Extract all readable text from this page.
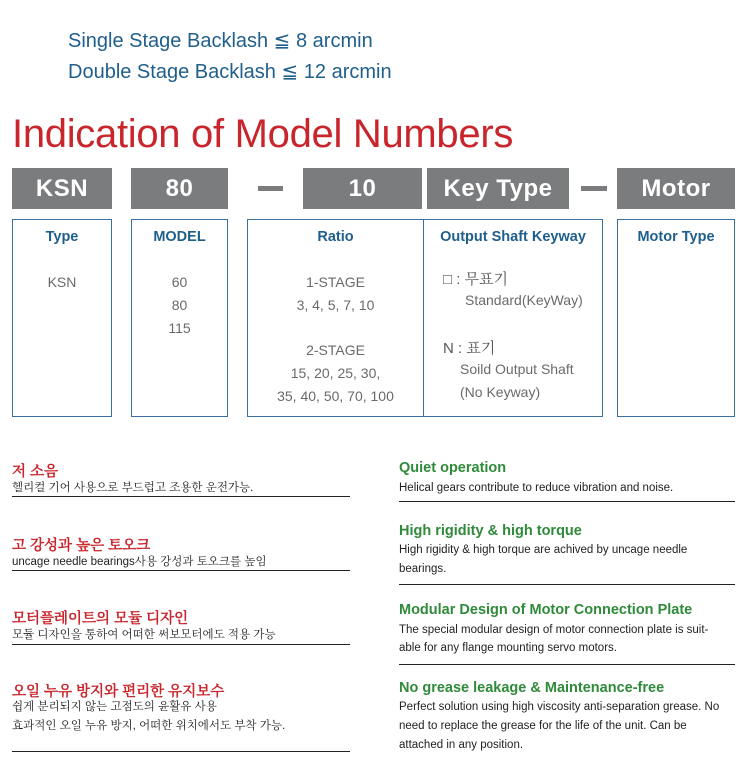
Single Stage Backlash ≦ 8 arcmin
Double Stage Backlash ≦ 12 arcmin
Indication of Model Numbers
KSN	80	10	Key Type	Motor
Type
KSN
MODEL
60
80
115
Ratio
1-STAGE
3, 4, 5, 7, 10
2-STAGE
15, 20, 25, 30,
35, 40, 50, 70, 100
Output Shaft Keyway
□ : 무표기
Standard(KeyWay)
N : 표기
Soild Output Shaft
(No Keyway)
Motor Type
저 소음
헬리컬 기어 사용으로 부드럽고 조용한 운전가능.
고 강성과 높은 토오크
uncage needle bearings사용 강성과 토오크를 높임
모터플레이트의 모듈 디자인
모듈 디자인을 통하여 어떠한 써보모터에도 적용 가능
오일 누유 방지와 편리한 유지보수
쉽게 분리되지 않는 고점도의 윤활유 사용
효과적인 오일 누유 방지, 어떠한 위치에서도 부착 가능.
Quiet operation
Helical gears contribute to reduce vibration and noise.
High rigidity & high torque
High rigidity & high torque are achived by uncage needle
bearings.
Modular Design of Motor Connection Plate
The special modular design of motor connection plate is suit-
able for any flange mounting servo motors.
No grease leakage & Maintenance-free
Perfect solution using high viscosity anti-separation grease. No
need to replace the grease for the life of the unit. Can be
attached in any position.
